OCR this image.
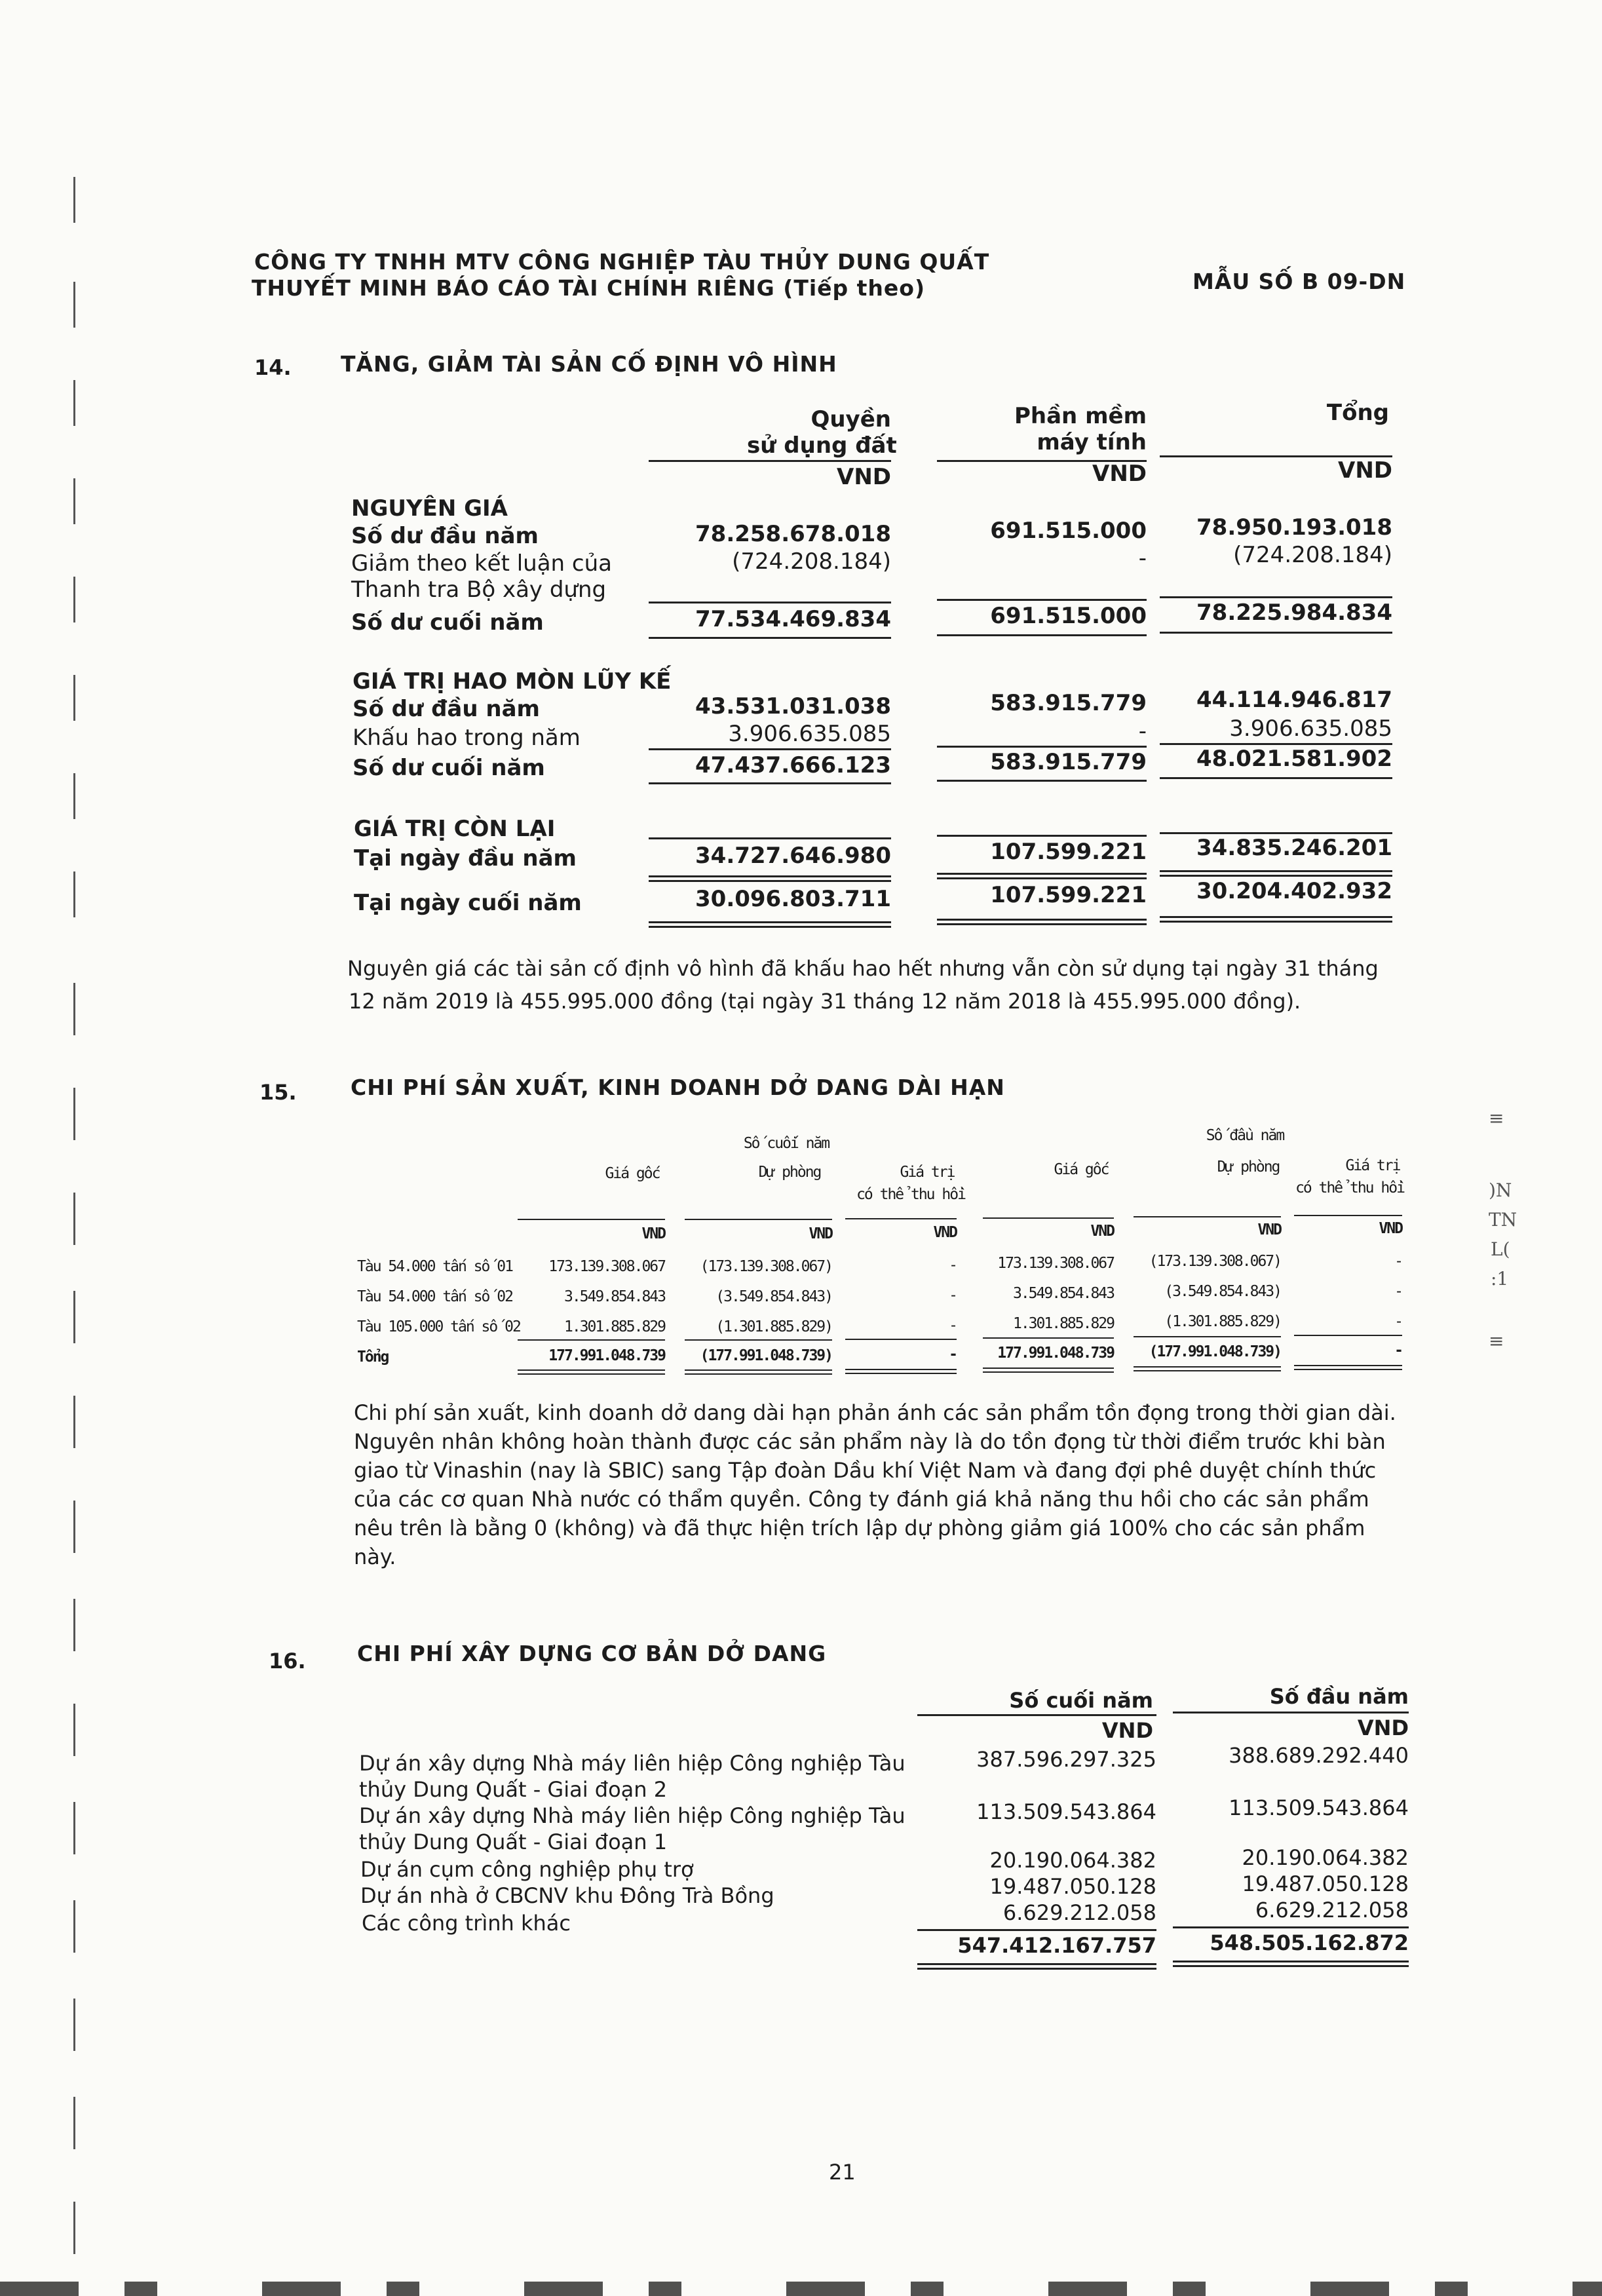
≡
)N
TN
L(
:1
≡
CÔNG TY TNHH MTV CÔNG NGHIỆP TÀU THỦY DUNG QUẤT
THUYẾT MINH BÁO CÁO TÀI CHÍNH RIÊNG (Tiếp theo)	MẪU SỐ B 09-DN
14. TĂNG, GIẢM TÀI SẢN CỐ ĐỊNH VÔ HÌNH
Quyền
sử dụng đất
Phần mềm
máy tính
Tổng
VND	VND	VND
NGUYÊN GIÁ
Số dư đầu năm	78.258.678.018	691.515.000	78.950.193.018
Giảm theo kết luận của
Thanh tra Bộ xây dựng
(724.208.184)	-	(724.208.184)
Số dư cuối năm	77.534.469.834	691.515.000	78.225.984.834
GIÁ TRỊ HAO MÒN LŨY KẾ
Số dư đầu năm	43.531.031.038	583.915.779	44.114.946.817
Khấu hao trong năm	3.906.635.085	-	3.906.635.085
Số dư cuối năm	47.437.666.123	583.915.779	48.021.581.902
GIÁ TRỊ CÒN LẠI
Tại ngày đầu năm	34.727.646.980	107.599.221	34.835.246.201
Tại ngày cuối năm	30.096.803.711	107.599.221	30.204.402.932
Nguyên giá các tài sản cố định vô hình đã khấu hao hết nhưng vẫn còn sử dụng tại ngày 31 tháng
12 năm 2019 là 455.995.000 đồng (tại ngày 31 tháng 12 năm 2018 là 455.995.000 đồng).
15. CHI PHÍ SẢN XUẤT, KINH DOANH DỞ DANG DÀI HẠN
Số cuối năm	Số đầu năm
Giá gốc	Dự phòng	Giá trị
có thể thu hồi
Giá gốc	Dự phòng	Giá trị
có thể thu hồi
VND	VND	VND	VND	VND	VND
Tàu 54.000 tấn số 01	173.139.308.067	(173.139.308.067)	-	173.139.308.067	(173.139.308.067)	-
Tàu 54.000 tấn số 02	3.549.854.843	(3.549.854.843)	-	3.549.854.843	(3.549.854.843)	-
Tàu 105.000 tấn số 02	1.301.885.829	(1.301.885.829)	-	1.301.885.829	(1.301.885.829)	-
Tổng	177.991.048.739	(177.991.048.739)	-	177.991.048.739	(177.991.048.739)	-
Chi phí sản xuất, kinh doanh dở dang dài hạn phản ánh các sản phẩm tồn đọng trong thời gian dài.
Nguyên nhân không hoàn thành được các sản phẩm này là do tồn đọng từ thời điểm trước khi bàn
giao từ Vinashin (nay là SBIC) sang Tập đoàn Dầu khí Việt Nam và đang đợi phê duyệt chính thức
của các cơ quan Nhà nước có thẩm quyền. Công ty đánh giá khả năng thu hồi cho các sản phẩm
nêu trên là bằng 0 (không) và đã thực hiện trích lập dự phòng giảm giá 100% cho các sản phẩm
này.
16. CHI PHÍ XÂY DỰNG CƠ BẢN DỞ DANG
Số cuối năm	Số đầu năm
VND	VND
Dự án xây dựng Nhà máy liên hiệp Công nghiệp Tàu
thủy Dung Quất - Giai đoạn 2
387.596.297.325	388.689.292.440
Dự án xây dựng Nhà máy liên hiệp Công nghiệp Tàu
thủy Dung Quất - Giai đoạn 1
113.509.543.864	113.509.543.864
Dự án cụm công nghiệp phụ trợ	20.190.064.382	20.190.064.382
Dự án nhà ở CBCNV khu Đông Trà Bồng	19.487.050.128	19.487.050.128
Các công trình khác	6.629.212.058	6.629.212.058
547.412.167.757	548.505.162.872
21
